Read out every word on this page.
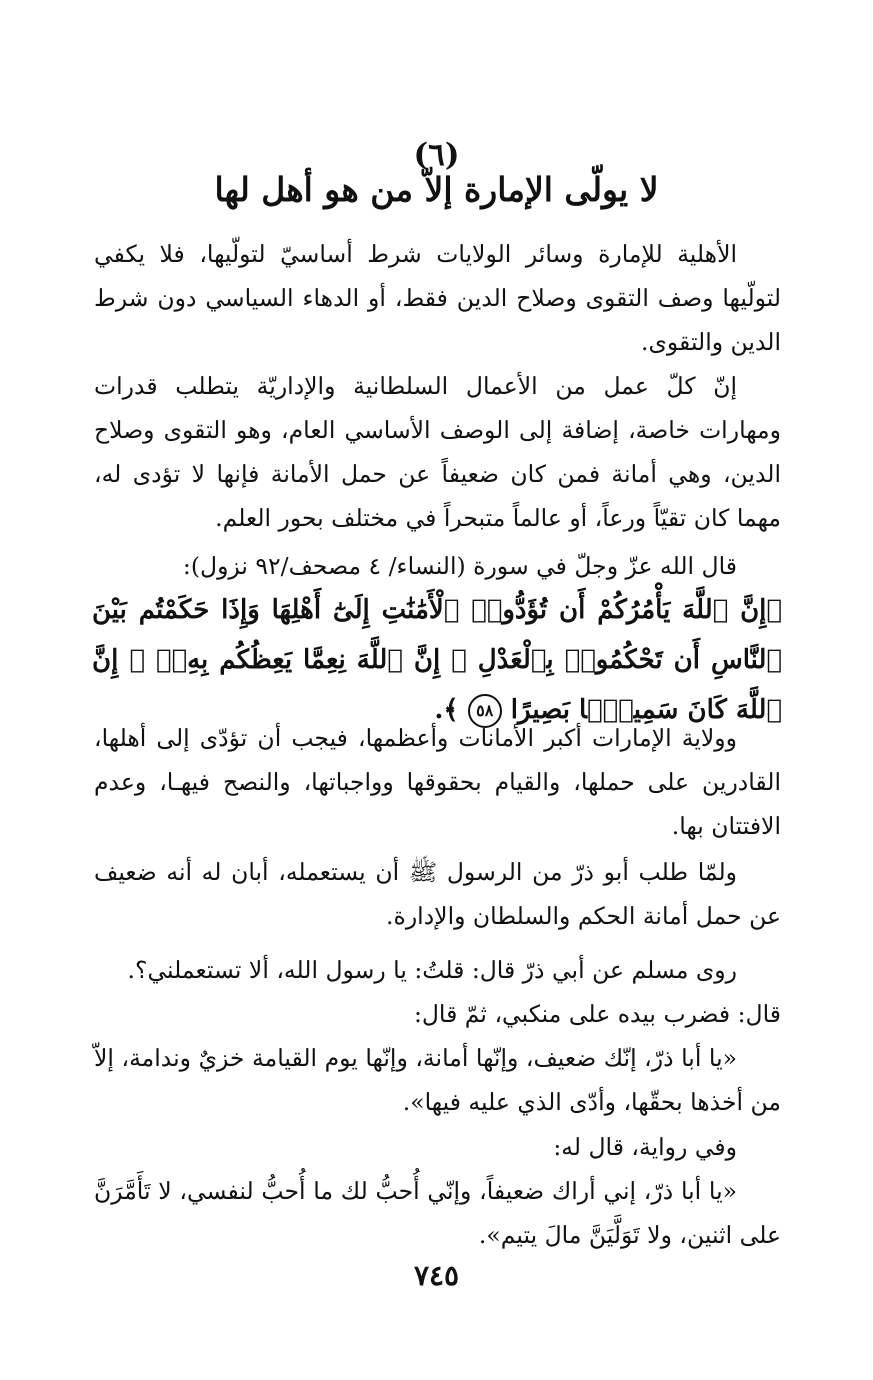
(٦)
لا يولّى الإمارة إلاّ من هو أهل لها
الأهلية للإمارة وسائر الولايات شرط أساسيّ لتولّيها، فلا يكفي لتولّيها وصف التقوى وصلاح الدين فقط، أو الدهاء السياسي دون شرط الدين والتقوى.
إنّ كلّ عمل من الأعمال السلطانية والإداريّة يتطلب قدرات ومهارات خاصة، إضافة إلى الوصف الأساسي العام، وهو التقوى وصلاح الدين، وهي أمانة فمن كان ضعيفاً عن حمل الأمانة فإنها لا تؤدى له، مهما كان تقيّاً ورعاً، أو عالماً متبحراً في مختلف بحور العلم.
قال الله عزّ وجلّ في سورة (النساء/ ٤ مصحف/٩٢ نزول):
﴿إِنَّ ٱللَّهَ يَأْمُرُكُمْ أَن تُؤَدُّوا۟ ٱلْأَمَٰنَٰتِ إِلَىٰٓ أَهْلِهَا وَإِذَا حَكَمْتُم بَيْنَ ٱلنَّاسِ أَن تَحْكُمُوا۟ بِٱلْعَدْلِ ۚ إِنَّ ٱللَّهَ نِعِمَّا يَعِظُكُم بِهِۦٓ ۗ إِنَّ ٱللَّهَ كَانَ سَمِيعًۢا بَصِيرًا ٥٨ ﴾.
وولاية الإمارات أكبر الأمانات وأعظمها، فيجب أن تؤدّى إلى أهلها، القادرين على حملها، والقيام بحقوقها وواجباتها، والنصح فيهـا، وعدم الافتتان بها.
ولمّا طلب أبو ذرّ من الرسول ﷺ أن يستعمله، أبان له أنه ضعيف عن حمل أمانة الحكم والسلطان والإدارة.
روى مسلم عن أبي ذرّ قال: قلتُ: يا رسول الله، ألا تستعملني؟.
قال: فضرب بيده على منكبي، ثمّ قال:
«يا أبا ذرّ، إنّك ضعيف، وإنّها أمانة، وإنّها يوم القيامة خزيٌ وندامة، إلاّ من أخذها بحقّها، وأدّى الذي عليه فيها».
وفي رواية، قال له:
«يا أبا ذرّ، إني أراك ضعيفاً، وإنّي أُحبُّ لك ما أُحبُّ لنفسي، لا تَأَمَّرَنَّ على اثنين، ولا تَوَلَّيَنَّ مالَ يتيم».
٧٤٥
